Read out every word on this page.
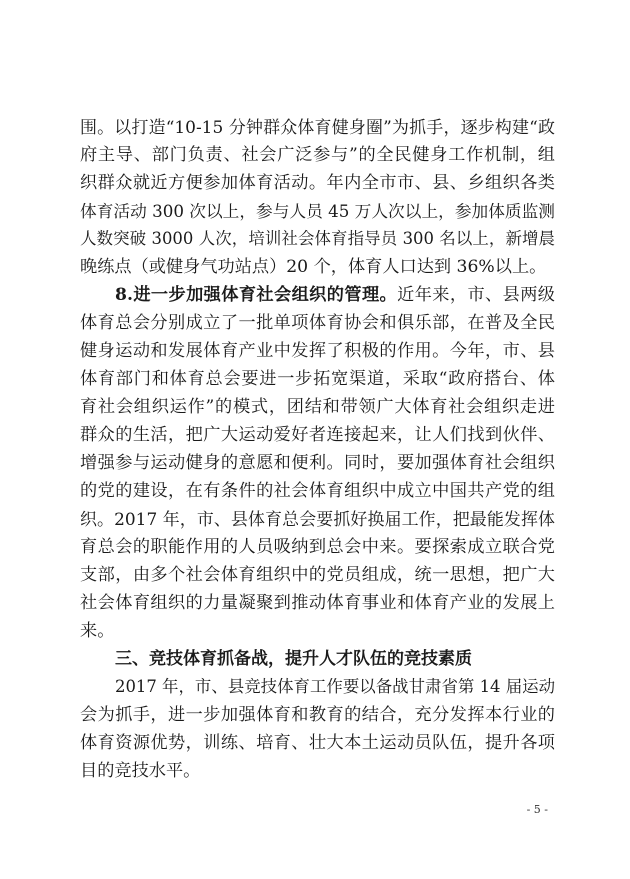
围。以打造“10-15 分钟群众体育健身圈”为抓手，逐步构建“政
府主导、部门负责、社会广泛参与”的全民健身工作机制，组
织群众就近方便参加体育活动。年内全市市、县、乡组织各类
体育活动 300 次以上，参与人员 45 万人次以上，参加体质监测
人数突破 3000 人次，培训社会体育指导员 300 名以上，新增晨
晚练点（或健身气功站点）20 个，体育人口达到 36%以上。
8.进一步加强体育社会组织的管理。近年来，市、县两级
体育总会分别成立了一批单项体育协会和俱乐部，在普及全民
健身运动和发展体育产业中发挥了积极的作用。今年，市、县
体育部门和体育总会要进一步拓宽渠道，采取“政府搭台、体
育社会组织运作”的模式，团结和带领广大体育社会组织走进
群众的生活，把广大运动爱好者连接起来，让人们找到伙伴、
增强参与运动健身的意愿和便利。同时，要加强体育社会组织
的党的建设，在有条件的社会体育组织中成立中国共产党的组
织。2017 年，市、县体育总会要抓好换届工作，把最能发挥体
育总会的职能作用的人员吸纳到总会中来。要探索成立联合党
支部，由多个社会体育组织中的党员组成，统一思想，把广大
社会体育组织的力量凝聚到推动体育事业和体育产业的发展上
来。
三、竞技体育抓备战，提升人才队伍的竞技素质
2017 年，市、县竞技体育工作要以备战甘肃省第 14 届运动
会为抓手，进一步加强体育和教育的结合，充分发挥本行业的
体育资源优势，训练、培育、壮大本土运动员队伍，提升各项
目的竞技水平。
- 5 -
